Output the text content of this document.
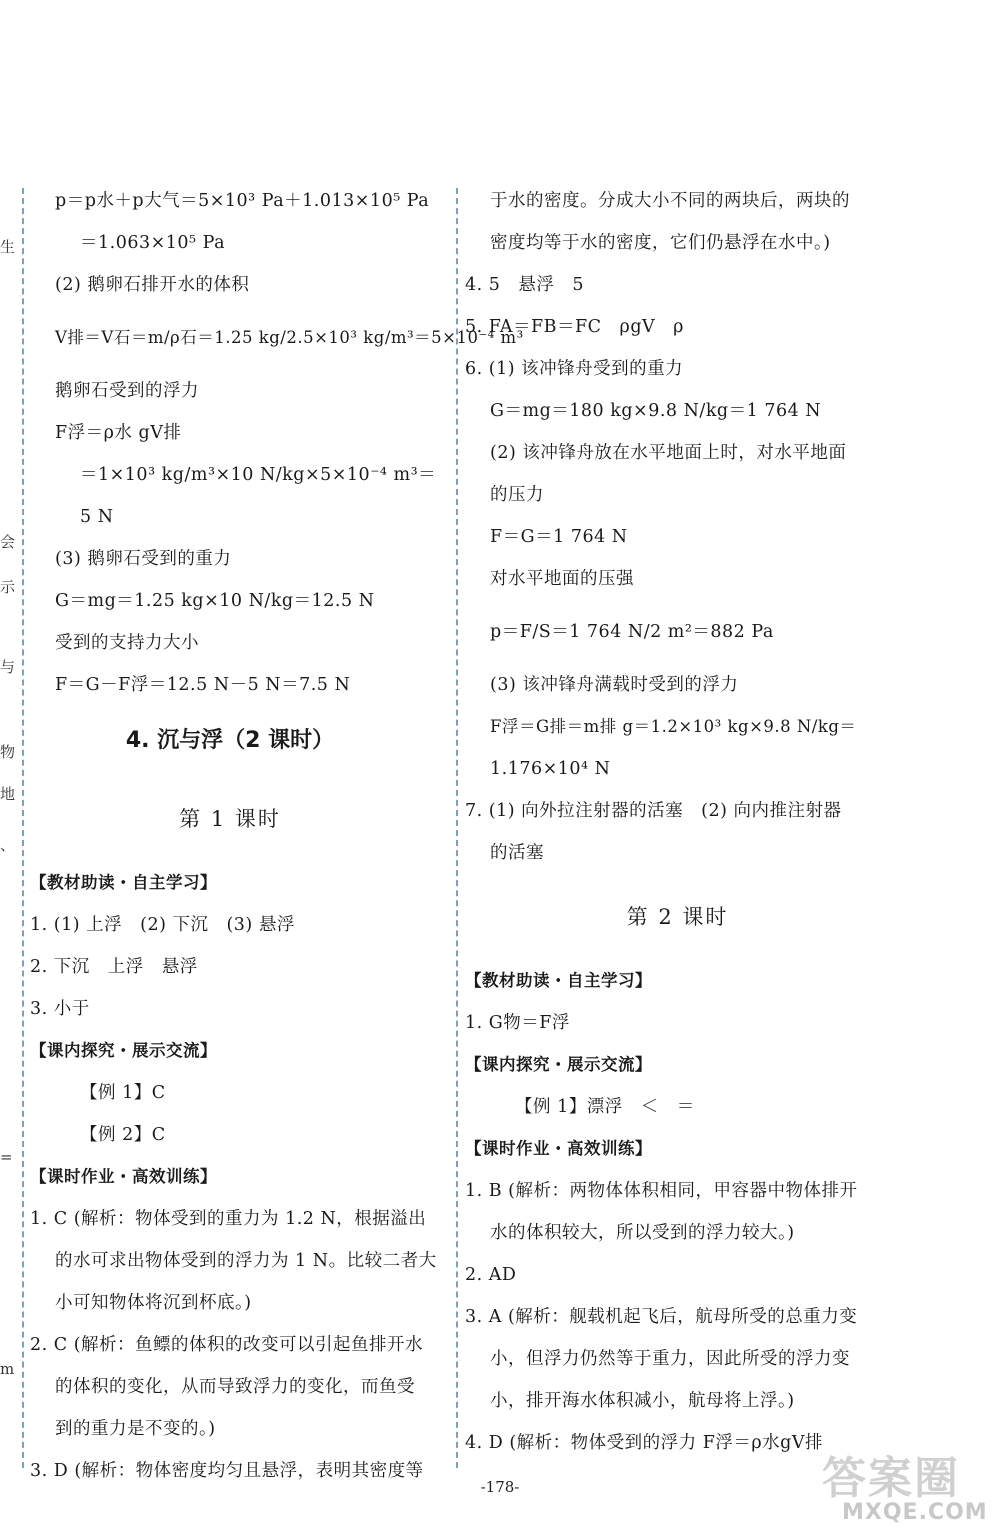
生
会
示
与
物
地
、
=
m
p＝p水＋p大气＝5×10³ Pa＋1.013×10⁵ Pa
＝1.063×10⁵ Pa
(2) 鹅卵石排开水的体积
V排＝V石＝m/ρ石＝1.25 kg/2.5×10³ kg/m³＝5×10⁻⁴ m³
鹅卵石受到的浮力
F浮＝ρ水 gV排
＝1×10³ kg/m³×10 N/kg×5×10⁻⁴ m³＝
5 N
(3) 鹅卵石受到的重力
G＝mg＝1.25 kg×10 N/kg＝12.5 N
受到的支持力大小
F＝G－F浮＝12.5 N－5 N＝7.5 N
4. 沉与浮（2 课时）
第 1 课时
【教材助读・自主学习】
1. (1) 上浮　(2) 下沉　(3) 悬浮
2. 下沉　上浮　悬浮
3. 小于
【课内探究・展示交流】
【例 1】C
【例 2】C
【课时作业・高效训练】
1. C (解析：物体受到的重力为 1.2 N，根据溢出
的水可求出物体受到的浮力为 1 N。比较二者大
小可知物体将沉到杯底。)
2. C (解析：鱼鳔的体积的改变可以引起鱼排开水
的体积的变化，从而导致浮力的变化，而鱼受
到的重力是不变的。)
3. D (解析：物体密度均匀且悬浮，表明其密度等
于水的密度。分成大小不同的两块后，两块的
密度均等于水的密度，它们仍悬浮在水中。)
4. 5　悬浮　5
5. FA＝FB＝FC　ρgV　ρ
6. (1) 该冲锋舟受到的重力
G＝mg＝180 kg×9.8 N/kg＝1 764 N
(2) 该冲锋舟放在水平地面上时，对水平地面
的压力
F＝G＝1 764 N
对水平地面的压强
p＝F/S＝1 764 N/2 m²＝882 Pa
(3) 该冲锋舟满载时受到的浮力
F浮＝G排＝m排 g＝1.2×10³ kg×9.8 N/kg＝
1.176×10⁴ N
7. (1) 向外拉注射器的活塞　(2) 向内推注射器
的活塞
第 2 课时
【教材助读・自主学习】
1. G物＝F浮
【课内探究・展示交流】
【例 1】漂浮　＜　＝
【课时作业・高效训练】
1. B (解析：两物体体积相同，甲容器中物体排开
水的体积较大，所以受到的浮力较大。)
2. AD
3. A (解析：舰载机起飞后，航母所受的总重力变
小，但浮力仍然等于重力，因此所受的浮力变
小，排开海水体积减小，航母将上浮。)
4. D (解析：物体受到的浮力 F浮＝ρ水gV排
-178-	答案圈
MXQE.COM
